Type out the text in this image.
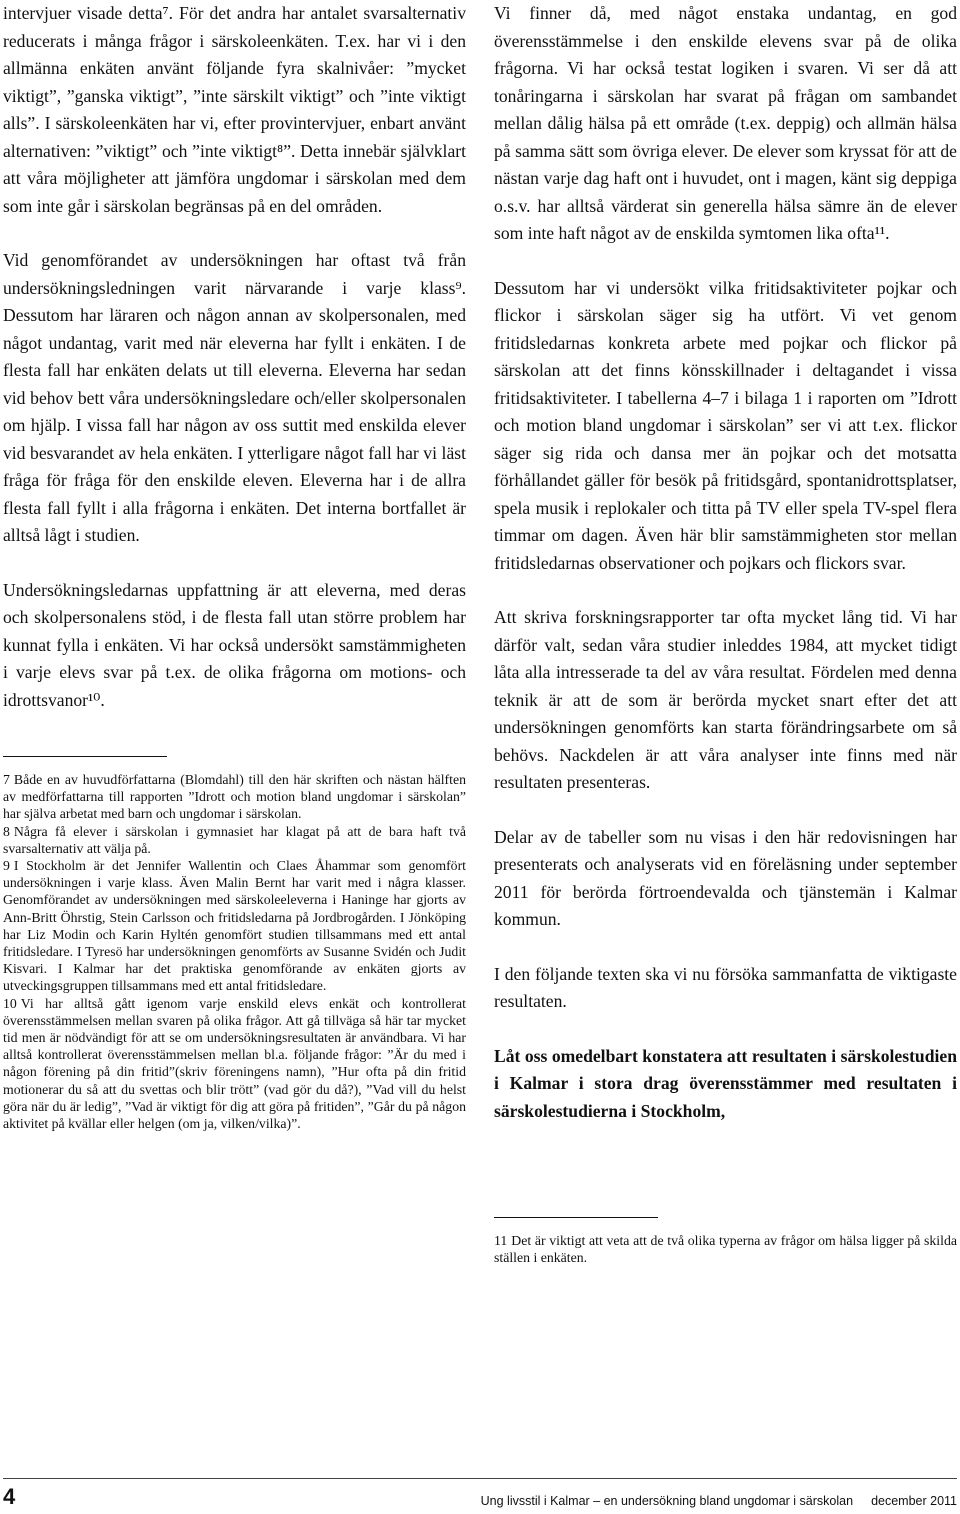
intervjuer visade detta⁷. För det andra har antalet svarsalternativ reducerats i många frågor i särskoleenkäten. T.ex. har vi i den allmänna enkäten använt följande fyra skalnivåer: ”mycket viktigt”, ”ganska viktigt”, ”inte särskilt viktigt” och ”inte viktigt alls”. I särskoleenkäten har vi, efter provintervjuer, enbart använt alternativen: ”viktigt” och ”inte viktigt⁸”. Detta innebär självklart att våra möjligheter att jämföra ungdomar i särskolan med dem som inte går i särskolan begränsas på en del områden.

Vid genomförandet av undersökningen har oftast två från undersökningsledningen varit närvarande i varje klass⁹. Dessutom har läraren och någon annan av skolpersonalen, med något undantag, varit med när eleverna har fyllt i enkäten. I de flesta fall har enkäten delats ut till eleverna. Eleverna har sedan vid behov bett våra undersökningsledare och/eller skolpersonalen om hjälp. I vissa fall har någon av oss suttit med enskilda elever vid besvarandet av hela enkäten. I ytterligare något fall har vi läst fråga för fråga för den enskilde eleven. Eleverna har i de allra flesta fall fyllt i alla frågorna i enkäten. Det interna bortfallet är alltså lågt i studien.

Undersökningsledarnas uppfattning är att eleverna, med deras och skolpersonalens stöd, i de flesta fall utan större problem har kunnat fylla i enkäten. Vi har också undersökt samstämmigheten i varje elevs svar på t.ex. de olika frågorna om motions- och idrottsvanor¹⁰.

7 Både en av huvudförfattarna (Blomdahl) till den här skriften och nästan hälften av medförfattarna till rapporten ”Idrott och motion bland ungdomar i särskolan” har själva arbetat med barn och ungdomar i särskolan.

8 Några få elever i särskolan i gymnasiet har klagat på att de bara haft två svarsalternativ att välja på.

9 I Stockholm är det Jennifer Wallentin och Claes Åhammar som genomfört undersökningen i varje klass. Även Malin Bernt har varit med i några klasser. Genomförandet av undersökningen med särskoleeleverna i Haninge har gjorts av Ann-Britt Öhrstig, Stein Carlsson och fritidsledarna på Jordbrogården. I Jönköping har Liz Modin och Karin Hyltén genomfört studien tillsammans med ett antal fritidsledare. I Tyresö har undersökningen genomförts av Susanne Svidén och Judit Kisvari. I Kalmar har det praktiska genomförande av enkäten gjorts av utveckingsgruppen tillsammans med ett antal fritidsledare.

10 Vi har alltså gått igenom varje enskild elevs enkät och kontrollerat överensstämmelsen mellan svaren på olika frågor. Att gå tillväga så här tar mycket tid men är nödvändigt för att se om undersökningsresultaten är användbara. Vi har alltså kontrollerat överensstämmelsen mellan bl.a. följande frågor: ”Är du med i någon förening på din fritid”(skriv föreningens namn), ”Hur ofta på din fritid motionerar du så att du svettas och blir trött” (vad gör du då?), ”Vad vill du helst göra när du är ledig”, ”Vad är viktigt för dig att göra på fritiden”, ”Går du på någon aktivitet på kvällar eller helgen (om ja, vilken/vilka)”.

Vi finner då, med något enstaka undantag, en god överensstämmelse i den enskilde elevens svar på de olika frågorna. Vi har också testat logiken i svaren. Vi ser då att tonåringarna i särskolan har svarat på frågan om sambandet mellan dålig hälsa på ett område (t.ex. deppig) och allmän hälsa på samma sätt som övriga elever. De elever som kryssat för att de nästan varje dag haft ont i huvudet, ont i magen, känt sig deppiga o.s.v. har alltså värderat sin generella hälsa sämre än de elever som inte haft något av de enskilda symtomen lika ofta¹¹.

Dessutom har vi undersökt vilka fritidsaktiviteter pojkar och flickor i särskolan säger sig ha utfört. Vi vet genom fritidsledarnas konkreta arbete med pojkar och flickor på särskolan att det finns könsskillnader i deltagandet i vissa fritidsaktiviteter. I tabellerna 4–7 i bilaga 1 i raporten om ”Idrott och motion bland ungdomar i särskolan” ser vi att t.ex. flickor säger sig rida och dansa mer än pojkar och det motsatta förhållandet gäller för besök på fritidsgård, spontanidrottsplatser, spela musik i replokaler och titta på TV eller spela TV-spel flera timmar om dagen. Även här blir samstämmigheten stor mellan fritidsledarnas observationer och pojkars och flickors svar.

Att skriva forskningsrapporter tar ofta mycket lång tid. Vi har därför valt, sedan våra studier inleddes 1984, att mycket tidigt låta alla intresserade ta del av våra resultat. Fördelen med denna teknik är att de som är berörda mycket snart efter det att undersökningen genomförts kan starta förändringsarbete om så behövs. Nackdelen är att våra analyser inte finns med när resultaten presenteras.

Delar av de tabeller som nu visas i den här redovisningen har presenterats och analyserats vid en föreläsning under september 2011 för berörda förtroendevalda och tjänstemän i Kalmar kommun.

I den följande texten ska vi nu försöka sammanfatta de viktigaste resultaten.

Låt oss omedelbart konstatera att resultaten i särskolestudien i Kalmar i stora drag överensstämmer med resultaten i särskolestudierna i Stockholm,

11 Det är viktigt att veta att de två olika typerna av frågor om hälsa ligger på skilda ställen i enkäten.

4	Ung livsstil i Kalmar – en undersökning bland ungdomar i särskolan december 2011
